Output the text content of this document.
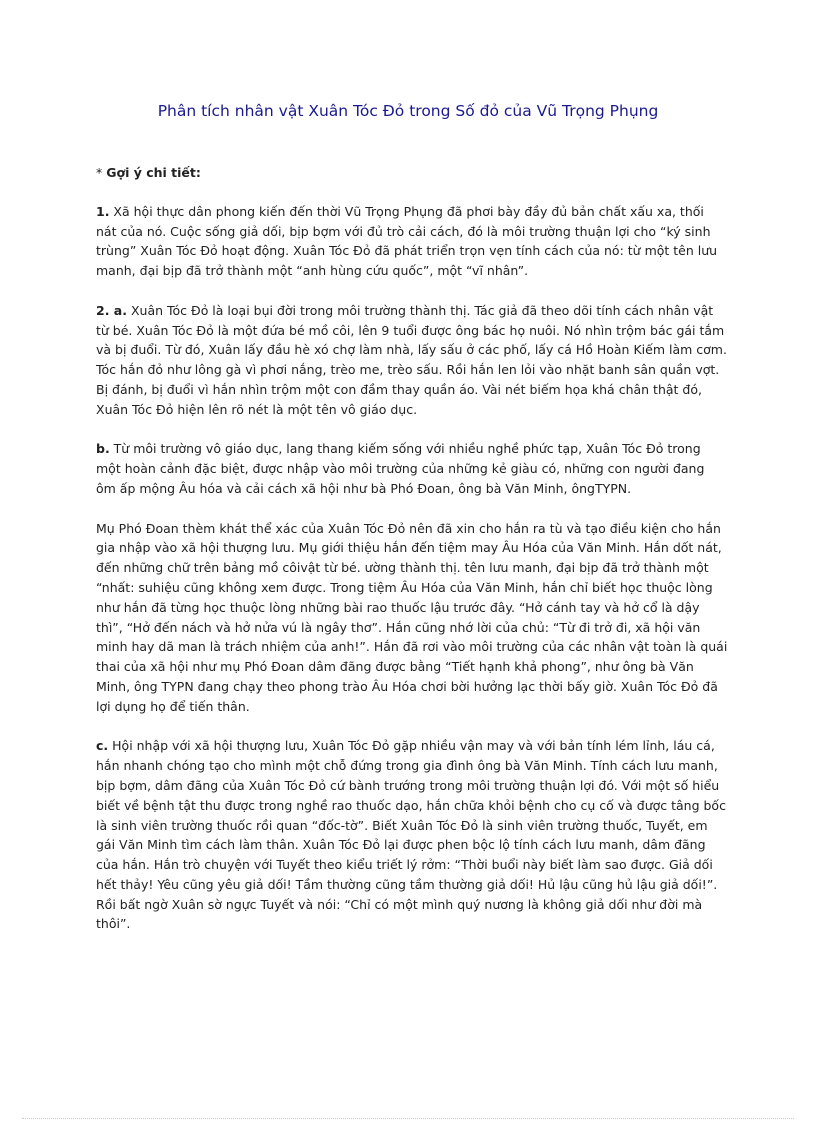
Phân tích nhân vật Xuân Tóc Đỏ trong Số đỏ của Vũ Trọng Phụng
* Gợi ý chi tiết:

1. Xã hội thực dân phong kiến đến thời Vũ Trọng Phụng đã phơi bày đầy đủ bản chất xấu xa, thối nát của nó. Cuộc sống giả dối, bịp bợm với đủ trò cải cách, đó là môi trường thuận lợi cho “ký sinh trùng” Xuân Tóc Đỏ hoạt động. Xuân Tóc Đỏ đã phát triển trọn vẹn tính cách của nó: từ một tên lưu manh, đại bịp đã trở thành một “anh hùng cứu quốc”, một “vĩ nhân”.

2. a. Xuân Tóc Đỏ là loại bụi đời trong môi trường thành thị. Tác giả đã theo dõi tính cách nhân vật từ bé. Xuân Tóc Đỏ là một đứa bé mồ côi, lên 9 tuổi được ông bác họ nuôi. Nó nhìn trộm bác gái tắm và bị đuổi. Từ đó, Xuân lấy đầu hè xó chợ làm nhà, lấy sấu ở các phố, lấy cá Hồ Hoàn Kiếm làm cơm. Tóc hắn đỏ như lông gà vì phơi nắng, trèo me, trèo sấu. Rồi hắn len lỏi vào nhặt banh sân quần vợt. Bị đánh, bị đuổi vì hắn nhìn trộm một con đầm thay quần áo. Vài nét biếm họa khá chân thật đó, Xuân Tóc Đỏ hiện lên rõ nét là một tên vô giáo dục.

b. Từ môi trường vô giáo dục, lang thang kiếm sống với nhiều nghề phức tạp, Xuân Tóc Đỏ trong một hoàn cảnh đặc biệt, được nhập vào môi trường của những kẻ giàu có, những con người đang ôm ấp mộng Âu hóa và cải cách xã hội như bà Phó Đoan, ông bà Văn Minh, ôngTYPN.

Mụ Phó Đoan thèm khát thể xác của Xuân Tóc Đỏ nên đã xin cho hắn ra tù và tạo điều kiện cho hắn gia nhập vào xã hội thượng lưu. Mụ giới thiệu hắn đến tiệm may Âu Hóa của Văn Minh. Hắn dốt nát, đến những chữ trên bảng mồ côivật từ bé. ường thành thị. tên lưu manh, đại bịp đã trở thành một “nhất: suhiệu cũng không xem được. Trong tiệm Âu Hóa của Văn Minh, hắn chỉ biết học thuộc lòng như hắn đã từng học thuộc lòng những bài rao thuốc lậu trước đây. “Hở cánh tay và hở cổ là dậy thì”, “Hở đến nách và hở nửa vú là ngây thơ”. Hắn cũng nhớ lời của chủ: “Từ đi trở đi, xã hội văn minh hay dã man là trách nhiệm của anh!”. Hắn đã rơi vào môi trường của các nhân vật toàn là quái thai của xã hội như mụ Phó Đoan dâm đãng được bằng “Tiết hạnh khả phong”, như ông bà Văn Minh, ông TYPN đang chạy theo phong trào Âu Hóa chơi bời hưởng lạc thời bấy giờ. Xuân Tóc Đỏ đã lợi dụng họ để tiến thân.

c. Hội nhập với xã hội thượng lưu, Xuân Tóc Đỏ gặp nhiều vận may và với bản tính lém lỉnh, láu cá, hắn nhanh chóng tạo cho mình một chỗ đứng trong gia đình ông bà Văn Minh. Tính cách lưu manh, bịp bợm, dâm đãng của Xuân Tóc Đỏ cứ bành trướng trong môi trường thuận lợi đó. Với một số hiểu biết về bệnh tật thu được trong nghề rao thuốc dạo, hắn chữa khỏi bệnh cho cụ cố và được tâng bốc là sinh viên trường thuốc rồi quan “đốc-tờ”. Biết Xuân Tóc Đỏ là sinh viên trường thuốc, Tuyết, em gái Văn Minh tìm cách làm thân. Xuân Tóc Đỏ lại được phen bộc lộ tính cách lưu manh, dâm đãng của hắn. Hắn trò chuyện với Tuyết theo kiểu triết lý rởm: “Thời buổi này biết làm sao được. Giả dối hết thảy! Yêu cũng yêu giả dối! Tầm thường cũng tầm thường giả dối! Hủ lậu cũng hủ lậu giả dối!”. Rồi bất ngờ Xuân sờ ngực Tuyết và nói: “Chỉ có một mình quý nương là không giả dối như đời mà thôi”.
